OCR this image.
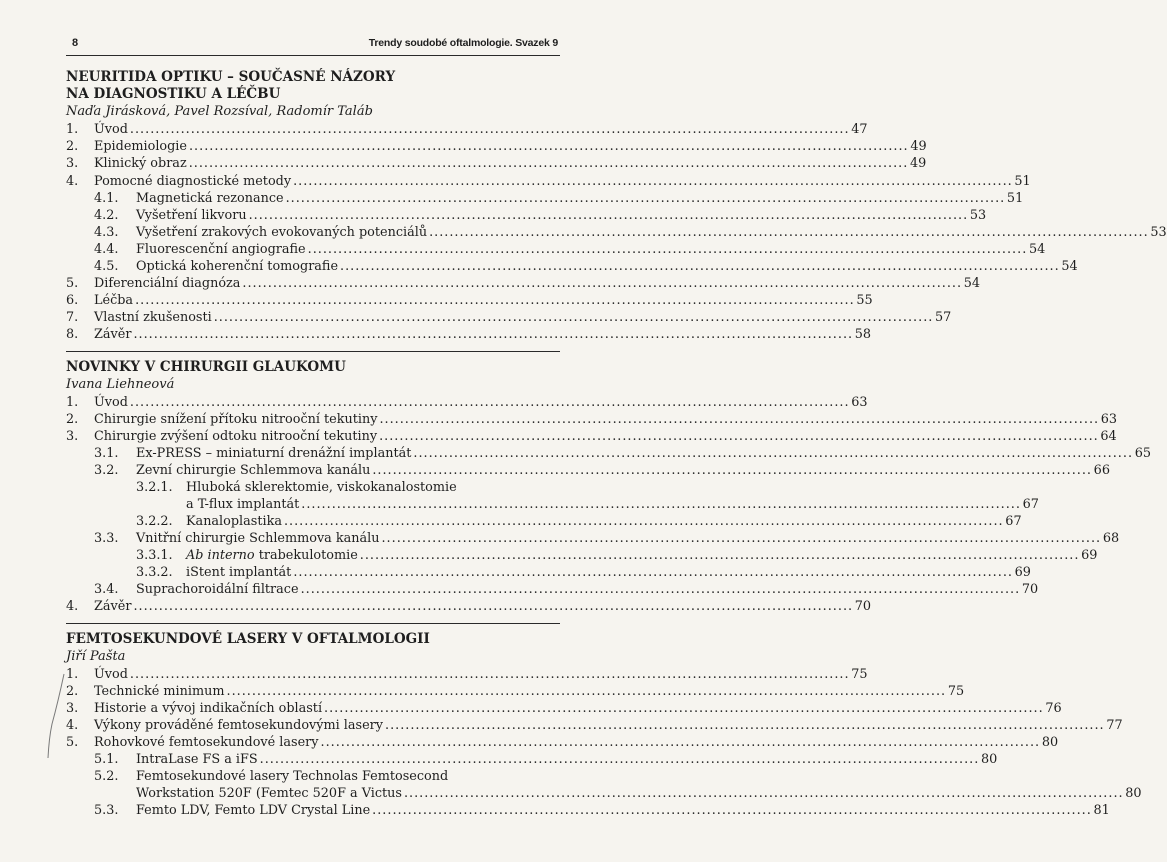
8	Trendy soudobé oftalmologie. Svazek 9
NEURITIDA OPTIKU – SOUČASNÉ NÁZORY
NA DIAGNOSTIKU A LÉČBU
Naďa Jirásková, Pavel Rozsíval, Radomír Taláb
1. Úvod .............................................................................................................................................. 47
2. Epidemiologie .............................................................................................................................................. 49
3. Klinický obraz .............................................................................................................................................. 49
4. Pomocné diagnostické metody .............................................................................................................................................. 51
4.1. Magnetická rezonance .............................................................................................................................................. 51
4.2. Vyšetření likvoru .............................................................................................................................................. 53
4.3. Vyšetření zrakových evokovaných potenciálů .............................................................................................................................................. 53
4.4. Fluorescenční angiografie .............................................................................................................................................. 54
4.5. Optická koherenční tomografie .............................................................................................................................................. 54
5. Diferenciální diagnóza .............................................................................................................................................. 54
6. Léčba .............................................................................................................................................. 55
7. Vlastní zkušenosti .............................................................................................................................................. 57
8. Závěr .............................................................................................................................................. 58
NOVINKY V CHIRURGII GLAUKOMU
Ivana Liehneová
1. Úvod .............................................................................................................................................. 63
2. Chirurgie snížení přítoku nitrooční tekutiny .............................................................................................................................................. 63
3. Chirurgie zvýšení odtoku nitrooční tekutiny .............................................................................................................................................. 64
3.1. Ex-PRESS – miniaturní drenážní implantát .............................................................................................................................................. 65
3.2. Zevní chirurgie Schlemmova kanálu .............................................................................................................................................. 66
3.2.1. Hluboká sklerektomie, viskokanalostomie
a T-flux implantát .............................................................................................................................................. 67
3.2.2. Kanaloplastika .............................................................................................................................................. 67
3.3. Vnitřní chirurgie Schlemmova kanálu .............................................................................................................................................. 68
3.3.1. Ab interno trabekulotomie .............................................................................................................................................. 69
3.3.2. iStent implantát .............................................................................................................................................. 69
3.4. Suprachoroidální filtrace .............................................................................................................................................. 70
4. Závěr .............................................................................................................................................. 70
FEMTOSEKUNDOVÉ LASERY V OFTALMOLOGII
Jiří Pašta
1. Úvod .............................................................................................................................................. 75
2. Technické minimum .............................................................................................................................................. 75
3. Historie a vývoj indikačních oblastí .............................................................................................................................................. 76
4. Výkony prováděné femtosekundovými lasery .............................................................................................................................................. 77
5. Rohovkové femtosekundové lasery .............................................................................................................................................. 80
5.1. IntraLase FS a iFS .............................................................................................................................................. 80
5.2. Femtosekundové lasery Technolas Femtosecond
Workstation 520F (Femtec 520F a Victus .............................................................................................................................................. 80
5.3. Femto LDV, Femto LDV Crystal Line .............................................................................................................................................. 81
